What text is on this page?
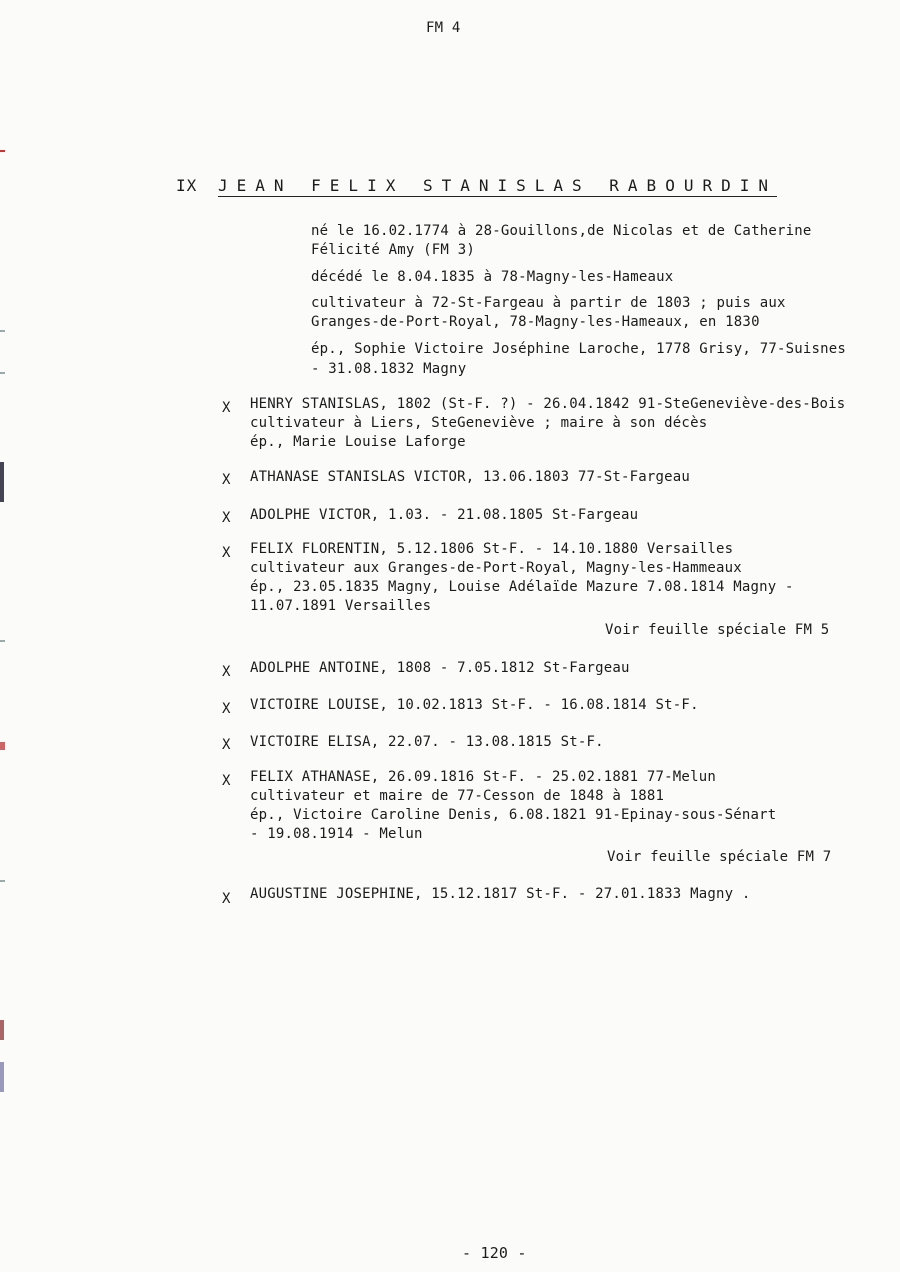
FM 4
IX JEAN FELIX STANISLAS RABOURDIN
né le 16.02.1774 à 28-Gouillons,de Nicolas et de Catherine
Félicité Amy (FM 3)
décédé le 8.04.1835 à 78-Magny-les-Hameaux
cultivateur à 72-St-Fargeau à partir de 1803 ; puis aux
Granges-de-Port-Royal, 78-Magny-les-Hameaux, en 1830
ép., Sophie Victoire Joséphine Laroche, 1778 Grisy, 77-Suisnes
- 31.08.1832 Magny
X HENRY STANISLAS, 1802 (St-F. ?) - 26.04.1842 91-SteGeneviève-des-Bois
cultivateur à Liers, SteGeneviève ; maire à son décès
ép., Marie Louise Laforge
X ATHANASE STANISLAS VICTOR, 13.06.1803 77-St-Fargeau
X ADOLPHE VICTOR, 1.03. - 21.08.1805 St-Fargeau
X FELIX FLORENTIN, 5.12.1806 St-F. - 14.10.1880 Versailles
cultivateur aux Granges-de-Port-Royal, Magny-les-Hammeaux
ép., 23.05.1835 Magny, Louise Adélaïde Mazure 7.08.1814 Magny -
11.07.1891 Versailles
Voir feuille spéciale FM 5
X ADOLPHE ANTOINE, 1808 - 7.05.1812 St-Fargeau
X VICTOIRE LOUISE, 10.02.1813 St-F. - 16.08.1814 St-F.
X VICTOIRE ELISA, 22.07. - 13.08.1815 St-F.
X FELIX ATHANASE, 26.09.1816 St-F. - 25.02.1881 77-Melun
cultivateur et maire de 77-Cesson de 1848 à 1881
ép., Victoire Caroline Denis, 6.08.1821 91-Epinay-sous-Sénart
- 19.08.1914 - Melun
Voir feuille spéciale FM 7
X AUGUSTINE JOSEPHINE, 15.12.1817 St-F. - 27.01.1833 Magny .
- 120 -
